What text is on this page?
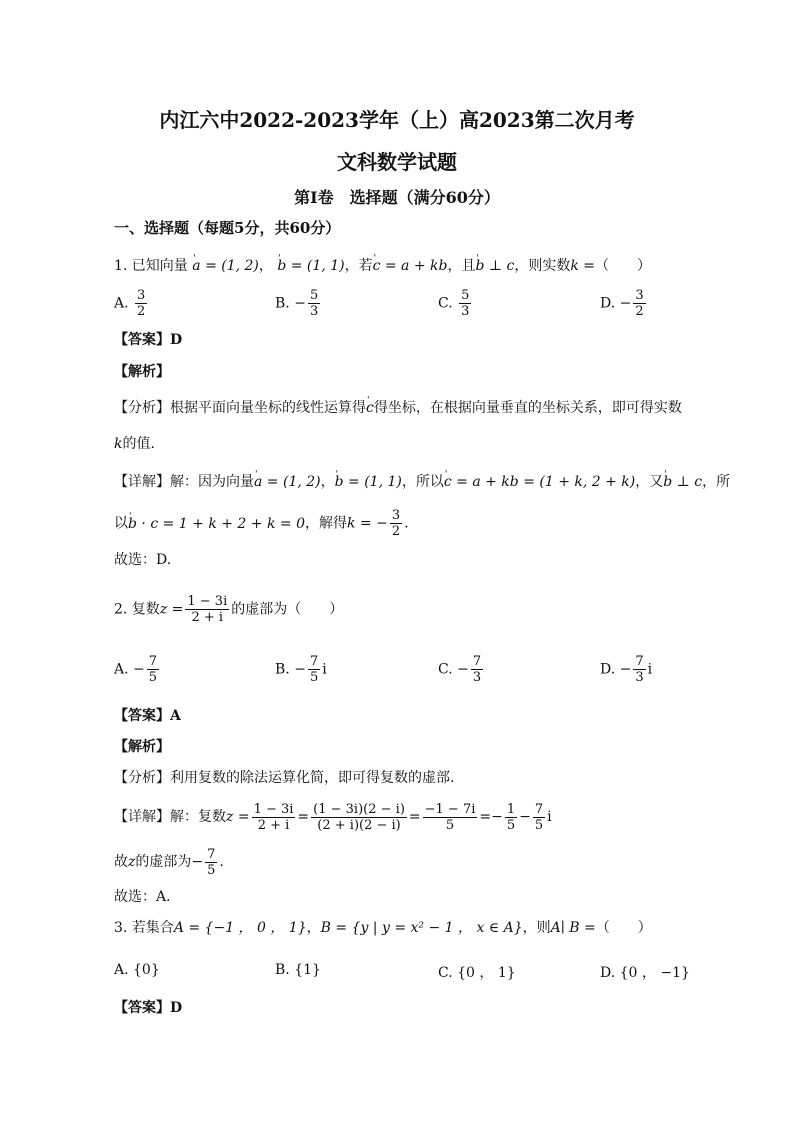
内江六中2022-2023学年（上）高2023第二次月考
文科数学试题
第Ⅰ卷　选择题（满分60分）
一、选择题（每题5分，共60分）
1. 已知向量 ' a = (1, 2)， ' b = (1, 1)，若' c = a + kb，且' b ⊥ c，则实数k =（　　）
A. $\frac{3}{2}$	B. − $\frac{5}{3}$	C. $\frac{5}{3}$	D. − $\frac{3}{2}$
【答案】D
【解析】
【分析】根据平面向量坐标的线性运算得' c得坐标，在根据向量垂直的坐标关系，即可得实数
k的值.
【详解】解：因为向量' a = (1, 2)，' b = (1, 1)，所以' c = a + kb = (1 + k, 2 + k)，又' b ⊥ c，所
以' b · c = 1 + k + 2 + k = 0，解得k = − $\frac{3}{2}$ .
故选：D.
2. 复数$z = \frac{1 - 3i}{2 + i}$ 的虚部为（　　）
A. − $\frac{7}{5}$	B. − $\frac{7}{5}$ i	C. − $\frac{7}{3}$	D. − $\frac{7}{3}$ i
【答案】A
【解析】
【分析】利用复数的除法运算化简，即可得复数的虚部.
【详解】解：复数$z = \frac{1 - 3i}{2 + i} = \frac{(1 - 3i)(2 - i)}{(2 + i)(2 - i)} = \frac{-1 - 7i}{5} =- \frac{1}{5} - \frac{7}{5}$ i
故z的虚部为− $\frac{7}{5}$ .
故选：A．
3. 若集合A = {−1 ， 0 ， 1}，B = {y | y = x² − 1 ， x ∈ A}，则A∣ B =（　　）
A. {0}	B. {1}	C. {0 ， 1}	D. {0 ， −1}
【答案】D
